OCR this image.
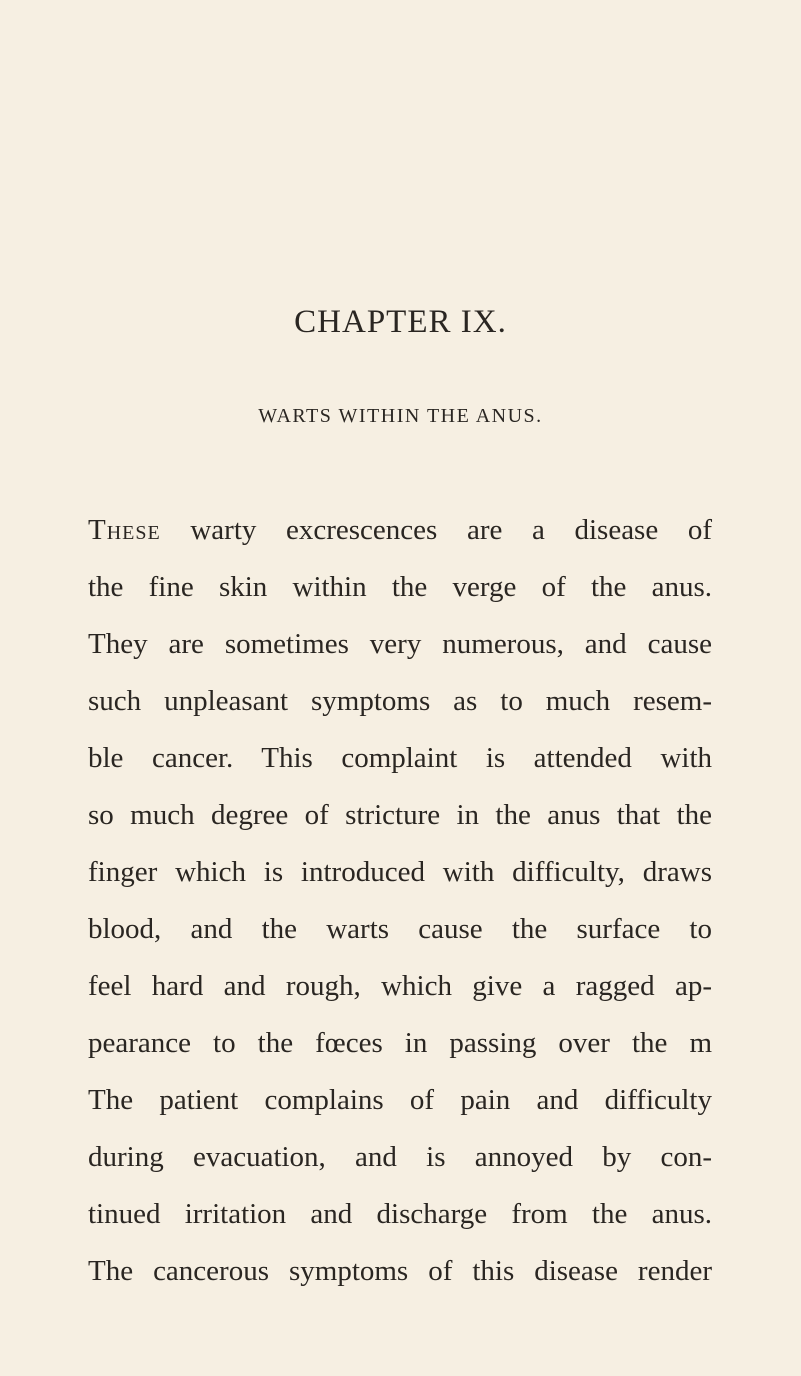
CHAPTER IX.
WARTS WITHIN THE ANUS.
These warty excrescences are a disease of
the fine skin within the verge of the anus.
They are sometimes very numerous, and cause
such unpleasant symptoms as to much resem-
ble cancer. This complaint is attended with
so much degree of stricture in the anus that the
finger which is introduced with difficulty, draws
blood, and the warts cause the surface to
feel hard and rough, which give a ragged ap-
pearance to the fœces in passing over the m
The patient complains of pain and difficulty
during evacuation, and is annoyed by con-
tinued irritation and discharge from the anus.
The cancerous symptoms of this disease render
